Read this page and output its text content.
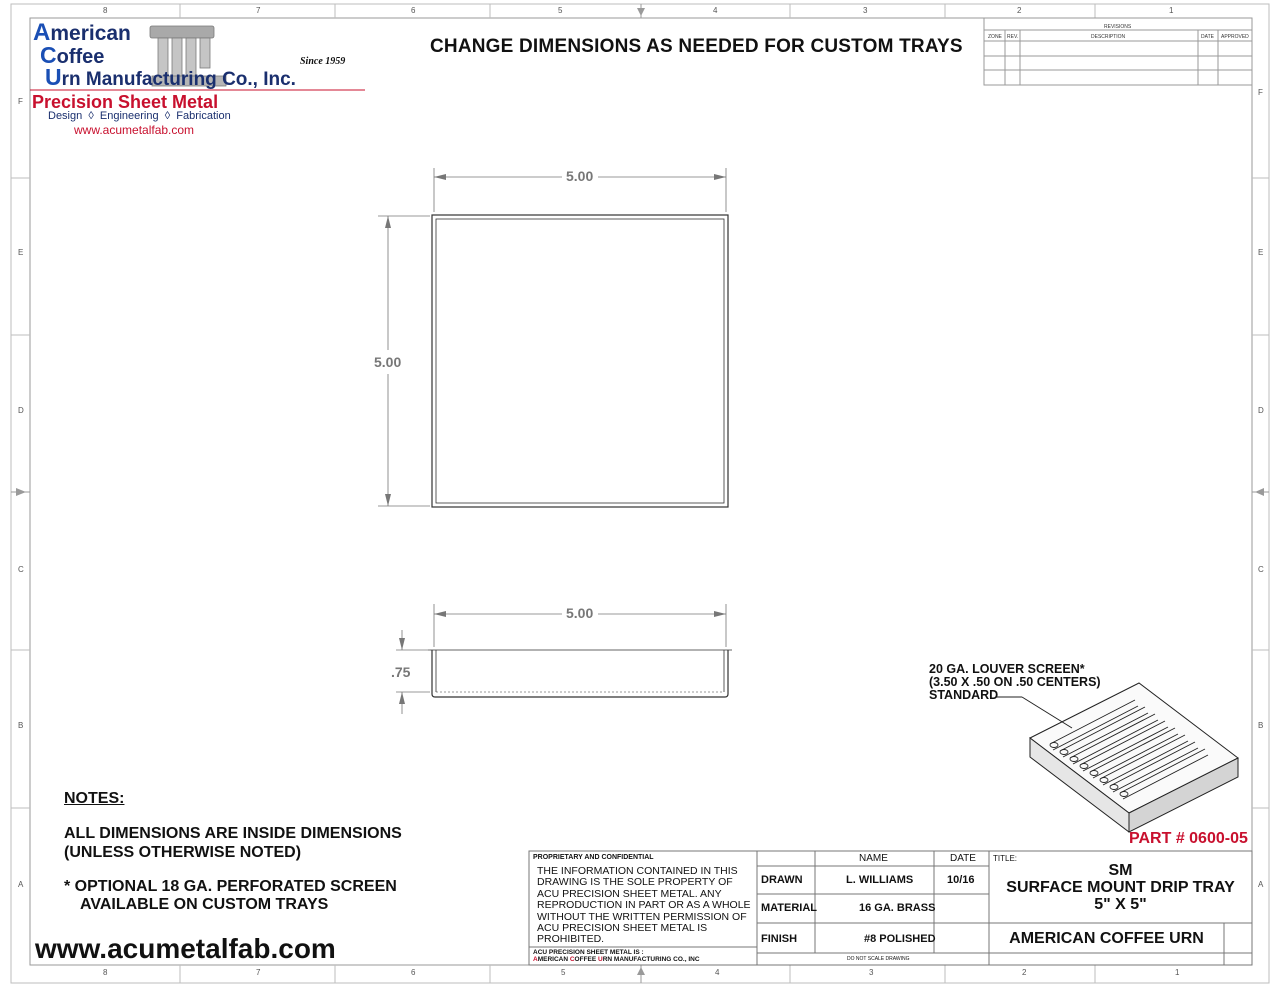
8	7	6	5	4	3	2	1
8	7	6	5	4	3	2	1
F
E
D
C
B
A
F
E
D
C
B
A
American
Coffee
Urn Manufacturing Co., Inc.
Since 1959
Precision Sheet Metal
Design  ◊  Engineering  ◊  Fabrication
www.acumetalfab.com
CHANGE DIMENSIONS AS NEEDED FOR CUSTOM TRAYS
REVISIONS
ZONE REV.	DESCRIPTION	DATE APPROVED
5.00
5.00
5.00
.75	20 GA. LOUVER SCREEN*
(3.50 X .50 ON .50 CENTERS)
STANDARD
PART # 0600-05
NOTES:
ALL DIMENSIONS ARE INSIDE DIMENSIONS
(UNLESS OTHERWISE NOTED)
* OPTIONAL 18 GA. PERFORATED SCREEN
AVAILABLE ON CUSTOM TRAYS
www.acumetalfab.com
PROPRIETARY AND CONFIDENTIAL
THE INFORMATION CONTAINED IN THIS DRAWING IS THE SOLE PROPERTY OF ACU PRECISION SHEET METAL. ANY REPRODUCTION IN PART OR AS A WHOLE WITHOUT THE WRITTEN PERMISSION OF ACU PRECISION SHEET METAL IS PROHIBITED.
ACU PRECISION SHEET METAL IS :
AMERICAN COFFEE URN MANUFACTURING CO., INC
NAME	DATE
DRAWN	L. WILLIAMS	10/16
MATERIAL	16 GA. BRASS
FINISH	#8 POLISHED
DO NOT SCALE DRAWING
TITLE:
SM
SURFACE MOUNT DRIP TRAY
5" X 5"
AMERICAN COFFEE URN
